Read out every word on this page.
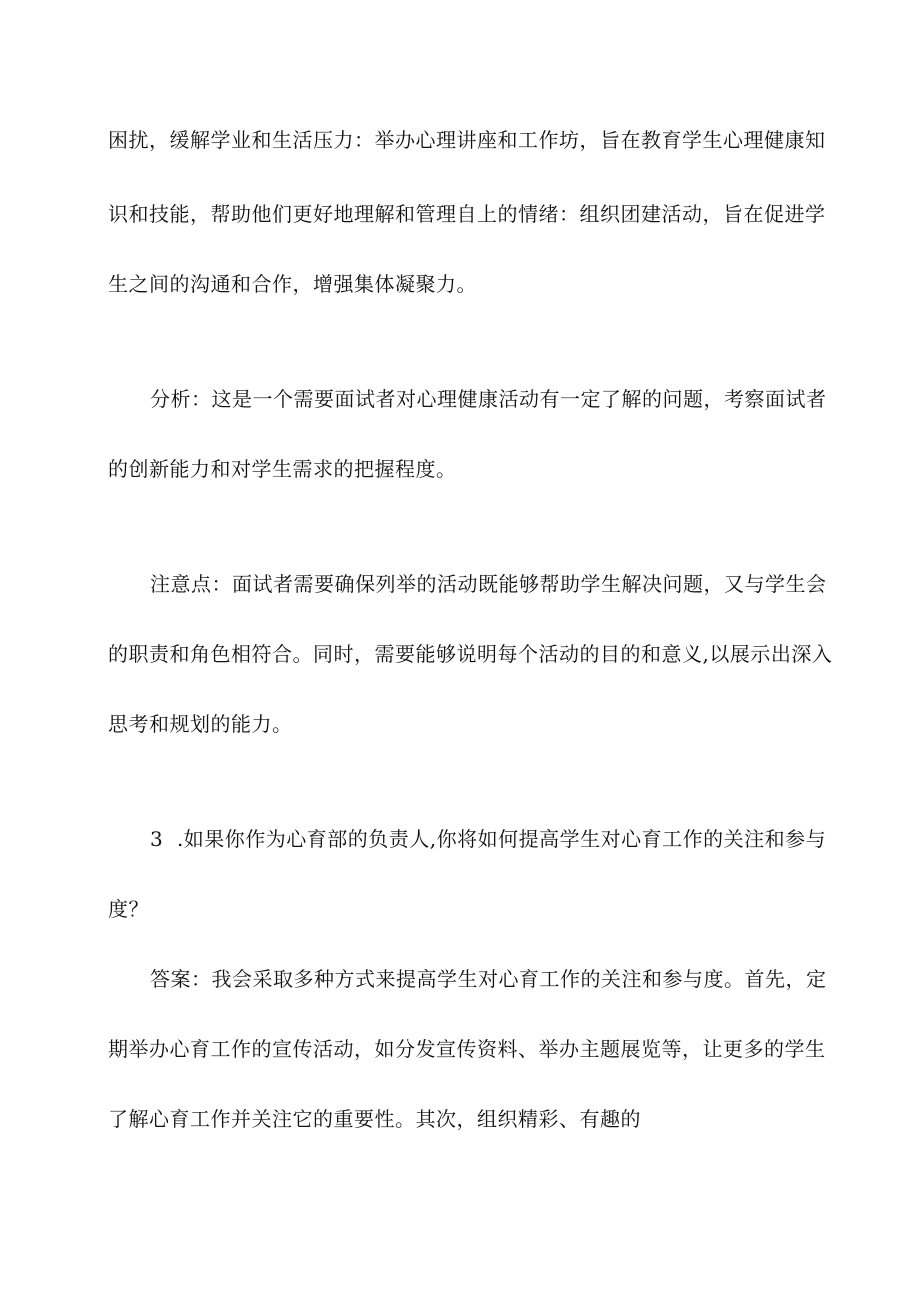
困扰，缓解学业和生活压力：举办心理讲座和工作坊，旨在教育学生心理健康知
识和技能，帮助他们更好地理解和管理自上的情绪：组织团建活动，旨在促进学
生之间的沟通和合作，增强集体凝聚力。
分析：这是一个需要面试者对心理健康活动有一定了解的问题，考察面试者
的创新能力和对学生需求的把握程度。
注意点：面试者需要确保列举的活动既能够帮助学生解决问题，又与学生会
的职责和角色相符合。同时，需要能够说明每个活动的目的和意义,以展示出深入
思考和规划的能力。
3  .如果你作为心育部的负责人,你将如何提高学生对心育工作的关注和参与
度？
答案：我会采取多种方式来提高学生对心育工作的关注和参与度。首先，定
期举办心育工作的宣传活动，如分发宣传资料、举办主题展览等，让更多的学生
了解心育工作并关注它的重要性。其次，组织精彩、有趣的
